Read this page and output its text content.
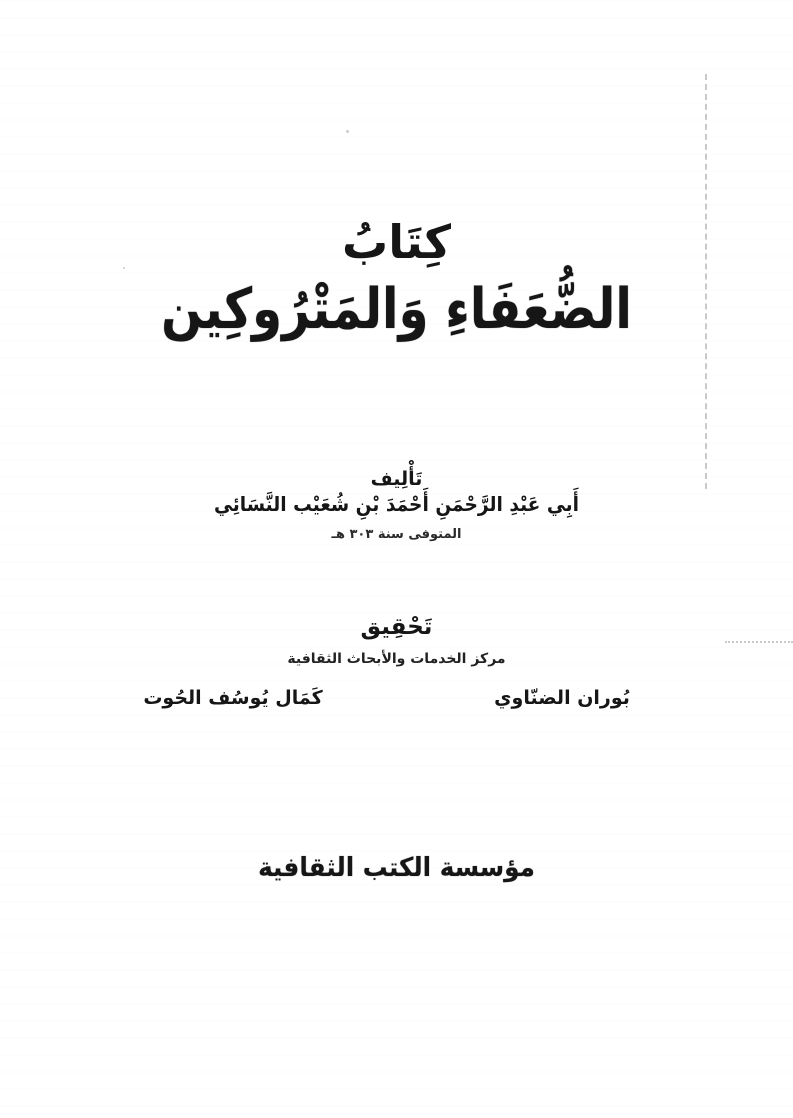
كِتَابُ
الضُّعَفَاءِ وَالمَتْرُوكِين
تَأْلِيف
أَبِي عَبْدِ الرَّحْمَنِ أَحْمَدَ بْنِ شُعَيْب النَّسَائِي
المتوفى سنة ٣٠٣ هـ
تَحْقِيق
مركز الخدمات والأبحاث الثقافية
بُوران الضنّاوي
كَمَال يُوسُف الحُوت
مؤسسة الكتب الثقافية
